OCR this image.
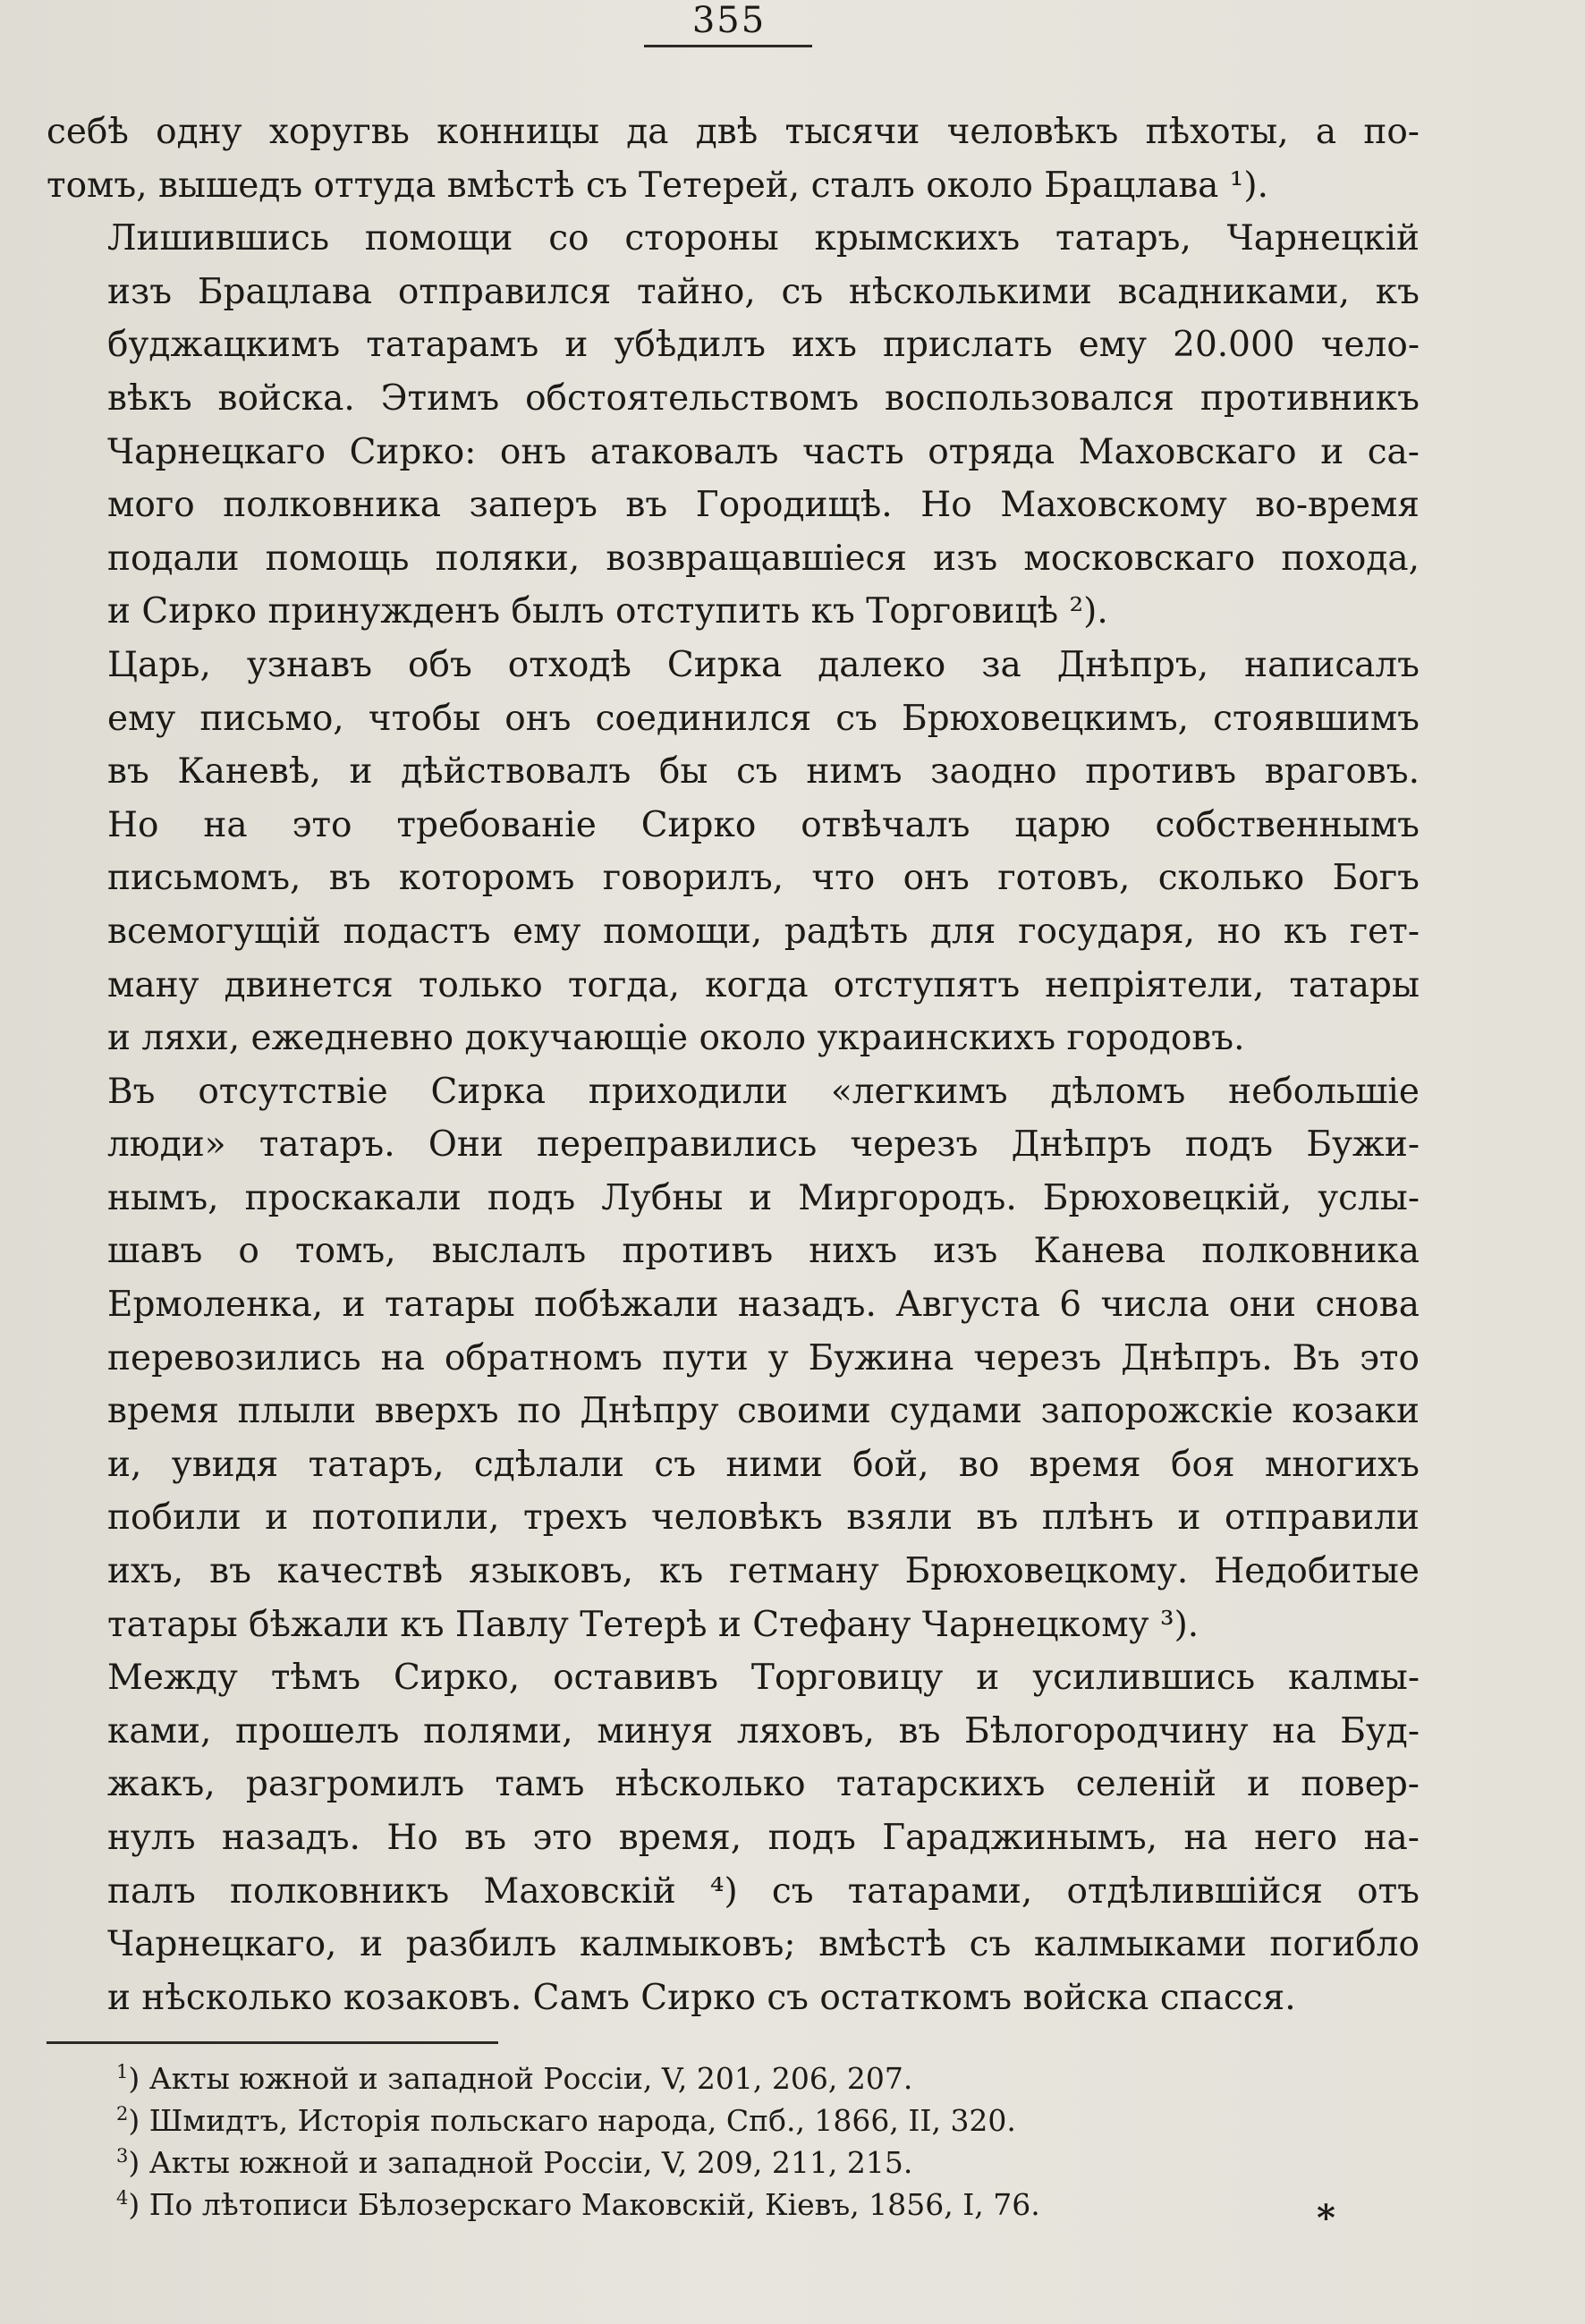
355

себѣ одну хоругвь конницы да двѣ тысячи человѣкъ пѣхоты, а по-
томъ, вышедъ оттуда вмѣстѣ съ Тетерей, стaлъ около Брацлава ¹).

Лишившись помощи со стороны крымскихъ татаръ, Чарнецкій
изъ Брацлава отправился тайно, съ нѣсколькими всадниками, къ
буджацкимъ татарамъ и убѣдилъ ихъ прислать ему 20.000 чело-
вѣкъ войска. Этимъ обстоятельствомъ воспользовался противникъ
Чарнецкаго Сирко: онъ атаковалъ часть отряда Маховскаго и са-
мого полковника заперъ въ Городищѣ. Но Маховскому во-время
подали помощь поляки, возвращавшіеся изъ московскаго похода,
и Сирко принужденъ былъ отступить къ Торговицѣ ²).

Царь, узнавъ объ отходѣ Сирка далеко за Днѣпръ, написалъ
ему письмо, чтобы онъ соединился съ Брюховецкимъ, стоявшимъ
въ Каневѣ, и дѣйствовалъ бы съ нимъ заодно противъ враговъ.
Но на это требованіе Сирко отвѣчалъ царю собственнымъ
письмомъ, въ которомъ говорилъ, что онъ готовъ, сколько Богъ
всемогущій подастъ ему помощи, радѣть для государя, но къ гет-
ману двинется только тогда, когда отступятъ непріятели, татары
и ляхи, ежедневно докучающіе около украинскихъ городовъ.

Въ отсутствіе Сирка приходили «легкимъ дѣломъ небольшіе
люди» татаръ. Они переправились черезъ Днѣпръ подъ Бужи-
нымъ, проскакали подъ Лубны и Миргородъ. Брюховецкій, услы-
шавъ о томъ, выслалъ противъ нихъ изъ Канева полковника
Ермоленка, и татары побѣжали назадъ. Августа 6 числа они снова
перевозились на обратномъ пути у Бужина черезъ Днѣпръ. Въ это
время плыли вверхъ по Днѣпру своими судами запорожскіе козаки
и, увидя татаръ, сдѣлали съ ними бой, во время боя многихъ
побили и потопили, трехъ человѣкъ взяли въ плѣнъ и отправили
ихъ, въ качествѣ языковъ, къ гетману Брюховецкому. Недобитые
татары бѣжали къ Павлу Тетерѣ и Стефану Чарнецкому ³).

Между тѣмъ Сирко, оставивъ Торговицу и усилившись калмы-
ками, прошелъ полями, минуя ляховъ, въ Бѣлогородчину на Буд-
жакъ, разгромилъ тамъ нѣсколько татарскихъ селеній и повер-
нулъ назадъ. Но въ это время, подъ Гараджинымъ, на него на-
палъ полковникъ Маховскій ⁴) съ татарами, отдѣлившійся отъ
Чарнецкаго, и разбилъ калмыковъ; вмѣстѣ съ калмыками погибло
и нѣсколько козаковъ. Самъ Сирко съ остаткомъ войска спасся.

$^1$) Акты южной и западной Россіи, V, 201, 206, 207.
$^2$) Шмидтъ, Исторія польскаго народа, Спб., 1866, II, 320.
$^3$) Акты южной и западной Россіи, V, 209, 211, 215.
$^4$) По лѣтописи Бѣлозерскаго Маковскій, Кіевъ, 1856, I, 76.	*
